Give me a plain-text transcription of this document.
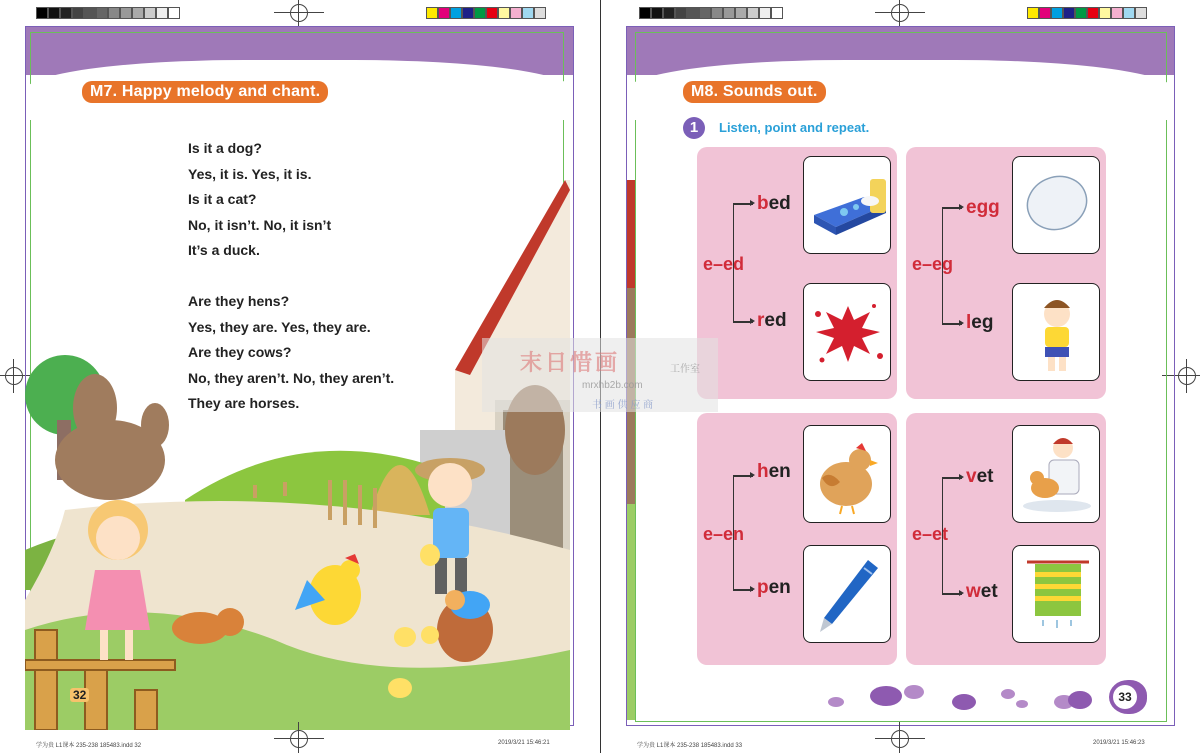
M7. Happy melody and chant.
Is it a dog?
Yes, it is. Yes, it is.
Is it a cat?
No, it isn’t. No, it isn’t
It’s a duck.
Are they hens?
Yes, they are. Yes, they are.
Are they cows?
No, they aren’t. No, they aren’t.
They are horses.
32
学为贵 L1课本 235-238 185483.indd 32	2019/3/21 15:46:21
M8. Sounds out.
1	Listen, point and repeat.
e–ed
bed
red
e–eg
egg
leg
e–en
hen
pen
e–et
vet
wet
33
学为贵 L1课本 235-238 185483.indd 33	2019/3/21 15:46:23
末日惜画	工作室
mrxhb2b.com
书 画 供 应 商
